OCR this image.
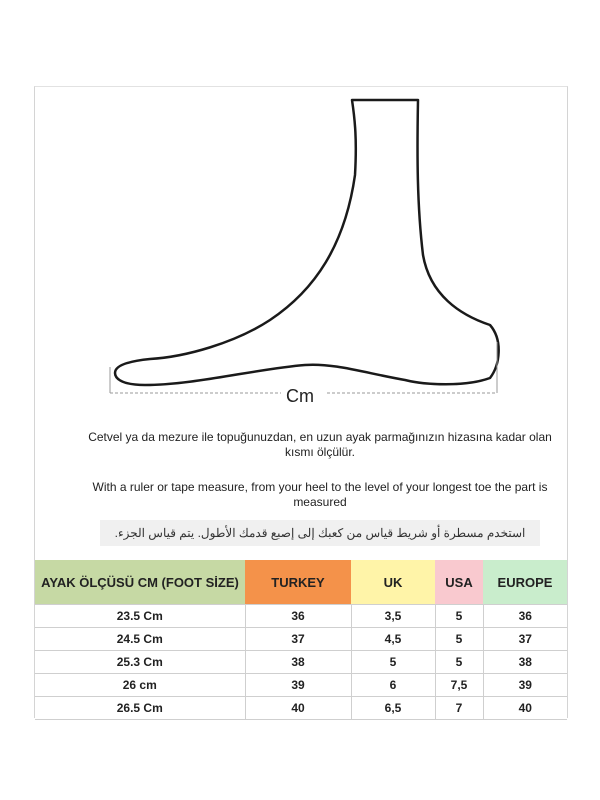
Cm
Cetvel ya da mezure ile topuğunuzdan, en uzun ayak parmağınızın hizasına kadar olan kısmı ölçülür.
With a ruler or tape measure, from your heel to the level of your longest toe the part is measured
استخدم مسطرة أو شريط قياس من كعبك إلى إصبع قدمك الأطول. يتم قياس الجزء.
AYAK ÖLÇÜSÜ CM (FOOT SİZE)	TURKEY	UK	USA	EUROPE
23.5 Cm	36	3,5	5	36
24.5 Cm	37	4,5	5	37
25.3 Cm	38	5	5	38
26 cm	39	6	7,5	39
26.5 Cm	40	6,5	7	40
